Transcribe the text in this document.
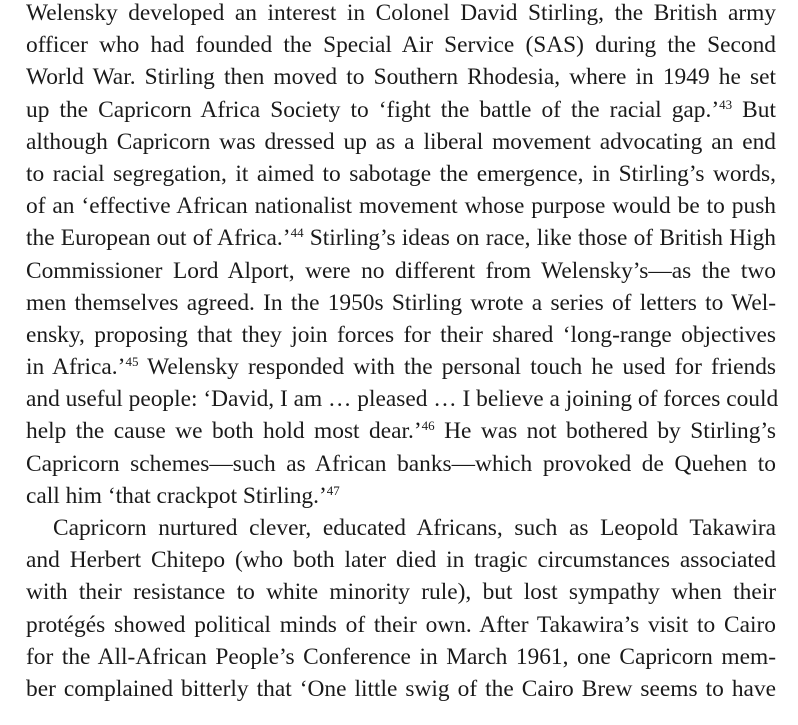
Welensky developed an interest in Colonel David Stirling, the British army
officer who had founded the Special Air Service (SAS) during the Second
World War. Stirling then moved to Southern Rhodesia, where in 1949 he set
up the Capricorn Africa Society to ‘fight the battle of the racial gap.’$^{43}$ But
although Capricorn was dressed up as a liberal movement advocating an end
to racial segregation, it aimed to sabotage the emergence, in Stirling’s words,
of an ‘effective African nationalist movement whose purpose would be to push
the European out of Africa.’$^{44}$ Stirling’s ideas on race, like those of British High
Commissioner Lord Alport, were no different from Welensky’s—as the two
men themselves agreed. In the 1950s Stirling wrote a series of letters to Wel-
ensky, proposing that they join forces for their shared ‘long-range objectives
in Africa.’$^{45}$ Welensky responded with the personal touch he used for friends
and useful people: ‘David, I am … pleased … I believe a joining of forces could
help the cause we both hold most dear.’$^{46}$ He was not bothered by Stirling’s
Capricorn schemes—such as African banks—which provoked de Quehen to
call him ‘that crackpot Stirling.’$^{47}$
Capricorn nurtured clever, educated Africans, such as Leopold Takawira
and Herbert Chitepo (who both later died in tragic circumstances associated
with their resistance to white minority rule), but lost sympathy when their
protégés showed political minds of their own. After Takawira’s visit to Cairo
for the All-African People’s Conference in March 1961, one Capricorn mem-
ber complained bitterly that ‘One little swig of the Cairo Brew seems to have
